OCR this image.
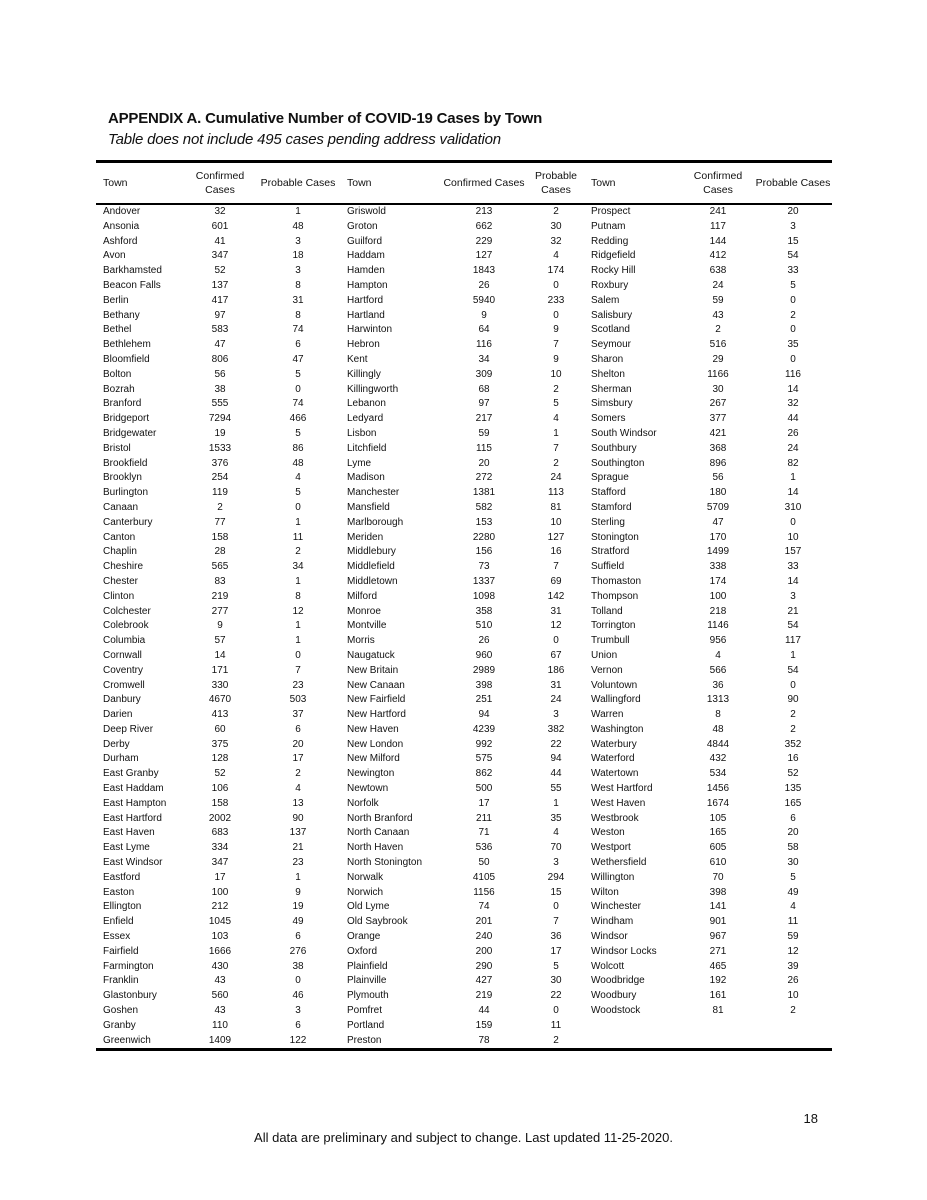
APPENDIX A. Cumulative Number of COVID-19 Cases by Town
Table does not include 495 cases pending address validation
Town	Confirmed Cases	Probable Cases	Town	Confirmed Cases	Probable Cases	Town	Confirmed Cases	Probable Cases
Andover	32	1	Griswold	213	2	Prospect	241	20
Ansonia	601	48	Groton	662	30	Putnam	117	3
Ashford	41	3	Guilford	229	32	Redding	144	15
Avon	347	18	Haddam	127	4	Ridgefield	412	54
Barkhamsted	52	3	Hamden	1843	174	Rocky Hill	638	33
Beacon Falls	137	8	Hampton	26	0	Roxbury	24	5
Berlin	417	31	Hartford	5940	233	Salem	59	0
Bethany	97	8	Hartland	9	0	Salisbury	43	2
Bethel	583	74	Harwinton	64	9	Scotland	2	0
Bethlehem	47	6	Hebron	116	7	Seymour	516	35
Bloomfield	806	47	Kent	34	9	Sharon	29	0
Bolton	56	5	Killingly	309	10	Shelton	1166	116
Bozrah	38	0	Killingworth	68	2	Sherman	30	14
Branford	555	74	Lebanon	97	5	Simsbury	267	32
Bridgeport	7294	466	Ledyard	217	4	Somers	377	44
Bridgewater	19	5	Lisbon	59	1	South Windsor	421	26
Bristol	1533	86	Litchfield	115	7	Southbury	368	24
Brookfield	376	48	Lyme	20	2	Southington	896	82
Brooklyn	254	4	Madison	272	24	Sprague	56	1
Burlington	119	5	Manchester	1381	113	Stafford	180	14
Canaan	2	0	Mansfield	582	81	Stamford	5709	310
Canterbury	77	1	Marlborough	153	10	Sterling	47	0
Canton	158	11	Meriden	2280	127	Stonington	170	10
Chaplin	28	2	Middlebury	156	16	Stratford	1499	157
Cheshire	565	34	Middlefield	73	7	Suffield	338	33
Chester	83	1	Middletown	1337	69	Thomaston	174	14
Clinton	219	8	Milford	1098	142	Thompson	100	3
Colchester	277	12	Monroe	358	31	Tolland	218	21
Colebrook	9	1	Montville	510	12	Torrington	1146	54
Columbia	57	1	Morris	26	0	Trumbull	956	117
Cornwall	14	0	Naugatuck	960	67	Union	4	1
Coventry	171	7	New Britain	2989	186	Vernon	566	54
Cromwell	330	23	New Canaan	398	31	Voluntown	36	0
Danbury	4670	503	New Fairfield	251	24	Wallingford	1313	90
Darien	413	37	New Hartford	94	3	Warren	8	2
Deep River	60	6	New Haven	4239	382	Washington	48	2
Derby	375	20	New London	992	22	Waterbury	4844	352
Durham	128	17	New Milford	575	94	Waterford	432	16
East Granby	52	2	Newington	862	44	Watertown	534	52
East Haddam	106	4	Newtown	500	55	West Hartford	1456	135
East Hampton	158	13	Norfolk	17	1	West Haven	1674	165
East Hartford	2002	90	North Branford	211	35	Westbrook	105	6
East Haven	683	137	North Canaan	71	4	Weston	165	20
East Lyme	334	21	North Haven	536	70	Westport	605	58
East Windsor	347	23	North Stonington	50	3	Wethersfield	610	30
Eastford	17	1	Norwalk	4105	294	Willington	70	5
Easton	100	9	Norwich	1156	15	Wilton	398	49
Ellington	212	19	Old Lyme	74	0	Winchester	141	4
Enfield	1045	49	Old Saybrook	201	7	Windham	901	11
Essex	103	6	Orange	240	36	Windsor	967	59
Fairfield	1666	276	Oxford	200	17	Windsor Locks	271	12
Farmington	430	38	Plainfield	290	5	Wolcott	465	39
Franklin	43	0	Plainville	427	30	Woodbridge	192	26
Glastonbury	560	46	Plymouth	219	22	Woodbury	161	10
Goshen	43	3	Pomfret	44	0	Woodstock	81	2
Granby	110	6	Portland	159	11			
Greenwich	1409	122	Preston	78	2			
18
All data are preliminary and subject to change. Last updated 11-25-2020.
